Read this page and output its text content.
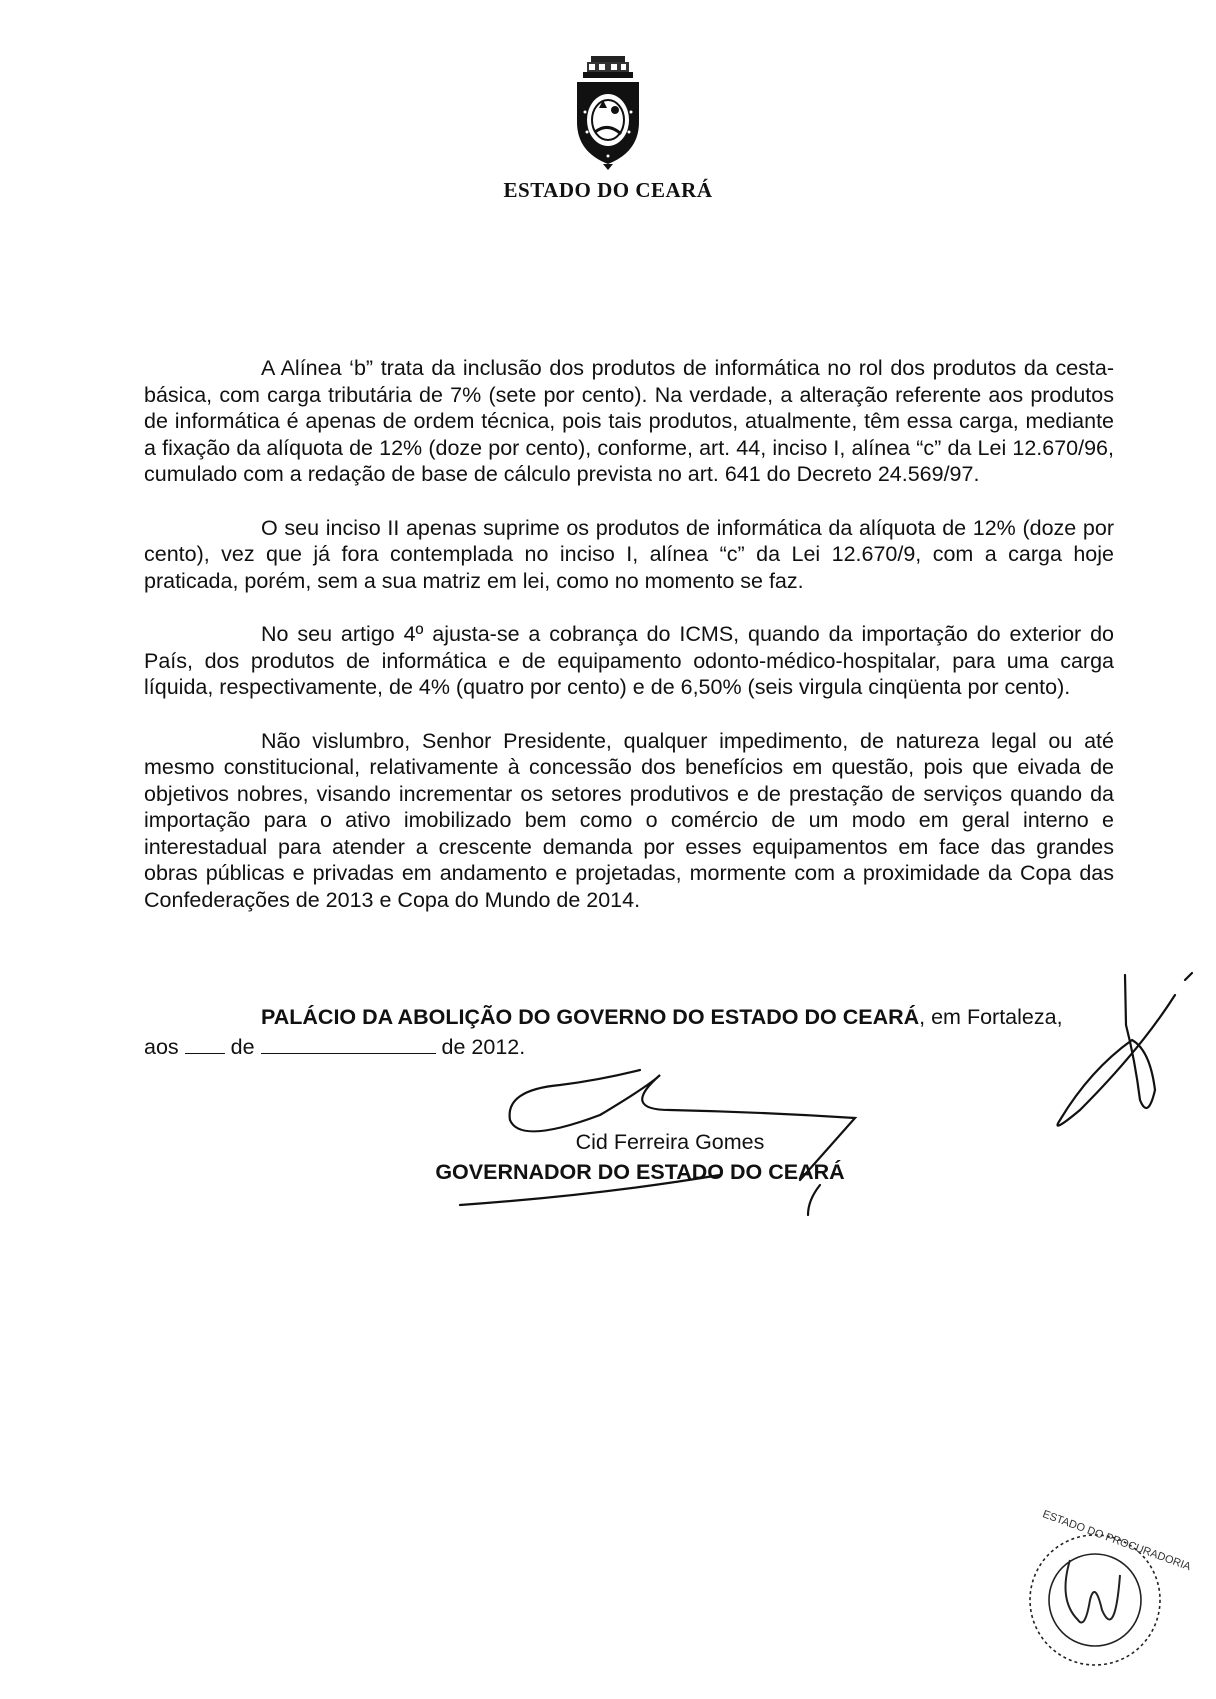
ESTADO DO CEARÁ

A Alínea ‘b” trata da inclusão dos produtos de informática no rol dos produtos da cesta-básica, com carga tributária de 7% (sete por cento). Na verdade, a alteração referente aos produtos de informática é apenas de ordem técnica, pois tais produtos, atualmente, têm essa carga, mediante a fixação da alíquota de 12% (doze por cento), conforme, art. 44, inciso I, alínea “c” da Lei 12.670/96, cumulado com a redação de base de cálculo prevista no art. 641 do Decreto 24.569/97.

O seu inciso II apenas suprime os produtos de informática da alíquota de 12% (doze por cento), vez que já fora contemplada no inciso I, alínea “c” da Lei 12.670/9, com a carga hoje praticada, porém, sem a sua matriz em lei, como no momento se faz.

No seu artigo 4º ajusta-se a cobrança do ICMS, quando da importação do exterior do País, dos produtos de informática e de equipamento odonto-médico-hospitalar, para uma carga líquida, respectivamente, de 4% (quatro por cento) e de 6,50% (seis virgula cinqüenta por cento).

Não vislumbro, Senhor Presidente, qualquer impedimento, de natureza legal ou até mesmo constitucional, relativamente à concessão dos benefícios em questão, pois que eivada de objetivos nobres, visando incrementar os setores produtivos e de prestação de serviços quando da importação para o ativo imobilizado bem como o comércio de um modo em geral interno e interestadual para atender a crescente demanda por esses equipamentos em face das grandes obras públicas e privadas em andamento e projetadas, mormente com a proximidade da Copa das Confederações de 2013 e Copa do Mundo de 2014.

PALÁCIO DA ABOLIÇÃO DO GOVERNO DO ESTADO DO CEARÁ, em Fortaleza,
aos de	de 2012.
Cid Ferreira Gomes
GOVERNADOR DO ESTADO DO CEARÁ
ESTADO DO PROCURADORIA
